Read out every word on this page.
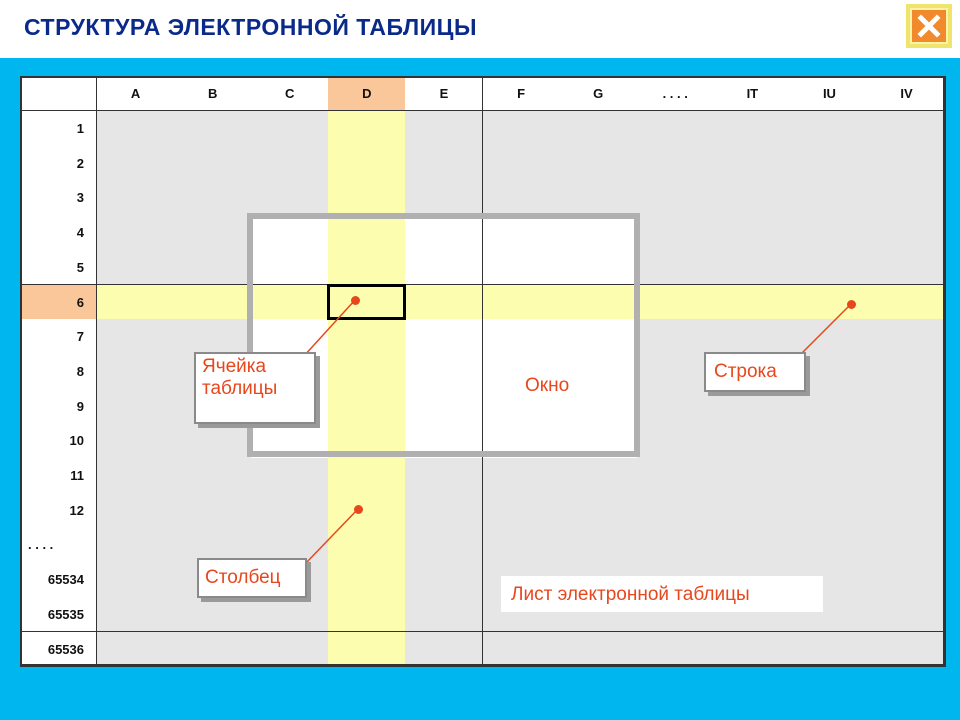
СТРУКТУРА ЭЛЕКТРОННОЙ ТАБЛИЦЫ
A	B	C	D	E	F	G	. . . .	IT	IU	IV
1
2
3
4
5
6
7
8
9
10
11
12
. . . .
65534
65535
65536
Ячейка таблицы
Строка
Окно
Столбец
Лист электронной таблицы
